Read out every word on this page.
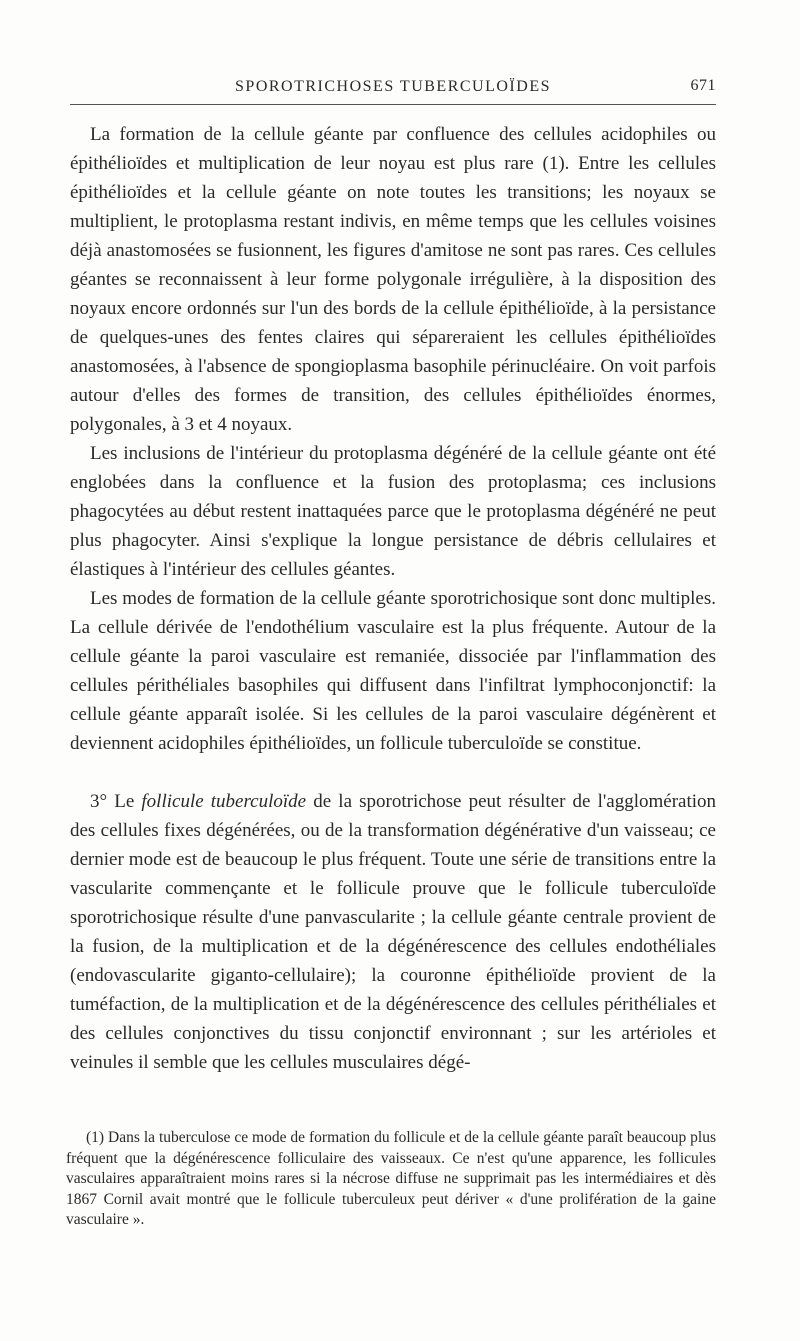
SPOROTRICHOSES TUBERCULOÏDES	671

La formation de la cellule géante par confluence des cellules acidophiles ou épithélioïdes et multiplication de leur noyau est plus rare (1). Entre les cellules épithélioïdes et la cellule géante on note toutes les transitions; les noyaux se multiplient, le protoplasma restant indivis, en même temps que les cellules voisines déjà anastomosées se fusionnent, les figures d'amitose ne sont pas rares. Ces cellules géantes se reconnaissent à leur forme polygonale irrégulière, à la disposition des noyaux encore ordonnés sur l'un des bords de la cellule épithélioïde, à la persistance de quelques-unes des fentes claires qui sépareraient les cellules épithélioïdes anastomosées, à l'absence de spongioplasma basophile périnucléaire. On voit parfois autour d'elles des formes de transition, des cellules épithélioïdes énormes, polygonales, à 3 et 4 noyaux.

Les inclusions de l'intérieur du protoplasma dégénéré de la cellule géante ont été englobées dans la confluence et la fusion des protoplasma; ces inclusions phagocytées au début restent inattaquées parce que le protoplasma dégénéré ne peut plus phagocyter. Ainsi s'explique la longue persistance de débris cellulaires et élastiques à l'intérieur des cellules géantes.

Les modes de formation de la cellule géante sporotrichosique sont donc multiples. La cellule dérivée de l'endothélium vasculaire est la plus fréquente. Autour de la cellule géante la paroi vasculaire est remaniée, dissociée par l'inflammation des cellules périthéliales basophiles qui diffusent dans l'infiltrat lymphoconjonctif: la cellule géante apparaît isolée. Si les cellules de la paroi vasculaire dégénèrent et deviennent acidophiles épithélioïdes, un follicule tuberculoïde se constitue.

3° Le follicule tuberculoïde de la sporotrichose peut résulter de l'agglomération des cellules fixes dégénérées, ou de la transformation dégénérative d'un vaisseau; ce dernier mode est de beaucoup le plus fréquent. Toute une série de transitions entre la vascularite commençante et le follicule prouve que le follicule tuberculoïde sporotrichosique résulte d'une panvascularite ; la cellule géante centrale provient de la fusion, de la multiplication et de la dégénérescence des cellules endothéliales (endovascularite giganto-cellulaire); la couronne épithélioïde provient de la tuméfaction, de la multiplication et de la dégénérescence des cellules périthéliales et des cellules conjonctives du tissu conjonctif environnant ; sur les artérioles et veinules il semble que les cellules musculaires dégé-

(1) Dans la tuberculose ce mode de formation du follicule et de la cellule géante paraît beaucoup plus fréquent que la dégénérescence folliculaire des vaisseaux. Ce n'est qu'une apparence, les follicules vasculaires apparaîtraient moins rares si la nécrose diffuse ne supprimait pas les intermédiaires et dès 1867 Cornil avait montré que le follicule tuberculeux peut dériver « d'une prolifération de la gaine vasculaire ».
